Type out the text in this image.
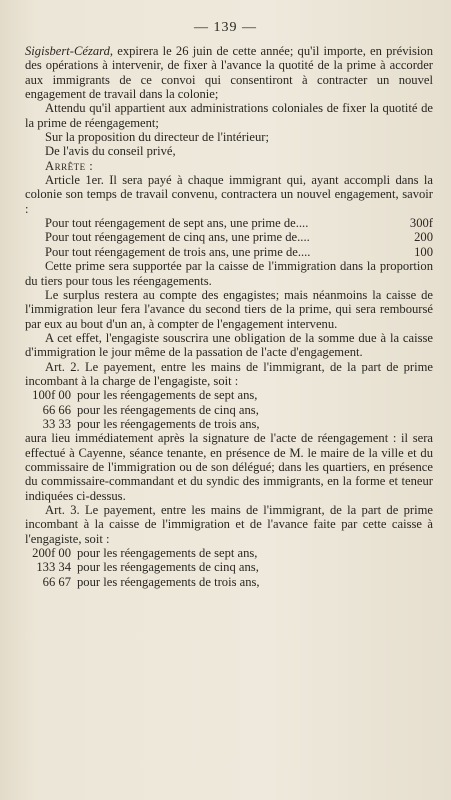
— 139 —

Sigisbert-Cézard, expirera le 26 juin de cette année; qu'il importe, en prévision des opérations à intervenir, de fixer à l'avance la quotité de la prime à accorder aux immigrants de ce convoi qui consentiront à contracter un nouvel engagement de travail dans la colonie;

Attendu qu'il appartient aux administrations coloniales de fixer la quotité de la prime de réengagement;

Sur la proposition du directeur de l'intérieur;

De l'avis du conseil privé,

Arrête :

Article 1er. Il sera payé à chaque immigrant qui, ayant accompli dans la colonie son temps de travail convenu, contractera un nouvel engagement, savoir :

Pour tout réengagement de sept ans, une prime de....	300f
Pour tout réengagement de cinq ans, une prime de....	200
Pour tout réengagement de trois ans, une prime de....	100

Cette prime sera supportée par la caisse de l'immigration dans la proportion du tiers pour tous les réengagements.

Le surplus restera au compte des engagistes; mais néanmoins la caisse de l'immigration leur fera l'avance du second tiers de la prime, qui sera remboursé par eux au bout d'un an, à compter de l'engagement intervenu.

A cet effet, l'engagiste souscrira une obligation de la somme due à la caisse d'immigration le jour même de la passation de l'acte d'engagement.

Art. 2. Le payement, entre les mains de l'immigrant, de la part de prime incombant à la charge de l'engagiste, soit :

100f 00 pour les réengagements de sept ans,
66 66 pour les réengagements de cinq ans,
33 33 pour les réengagements de trois ans,

aura lieu immédiatement après la signature de l'acte de réengagement : il sera effectué à Cayenne, séance tenante, en présence de M. le maire de la ville et du commissaire de l'immigration ou de son délégué; dans les quartiers, en présence du commissaire-commandant et du syndic des immigrants, en la forme et teneur indiquées ci-dessus.

Art. 3. Le payement, entre les mains de l'immigrant, de la part de prime incombant à la caisse de l'immigration et de l'avance faite par cette caisse à l'engagiste, soit :

200f 00 pour les réengagements de sept ans,
133 34 pour les réengagements de cinq ans,
66 67 pour les réengagements de trois ans,
